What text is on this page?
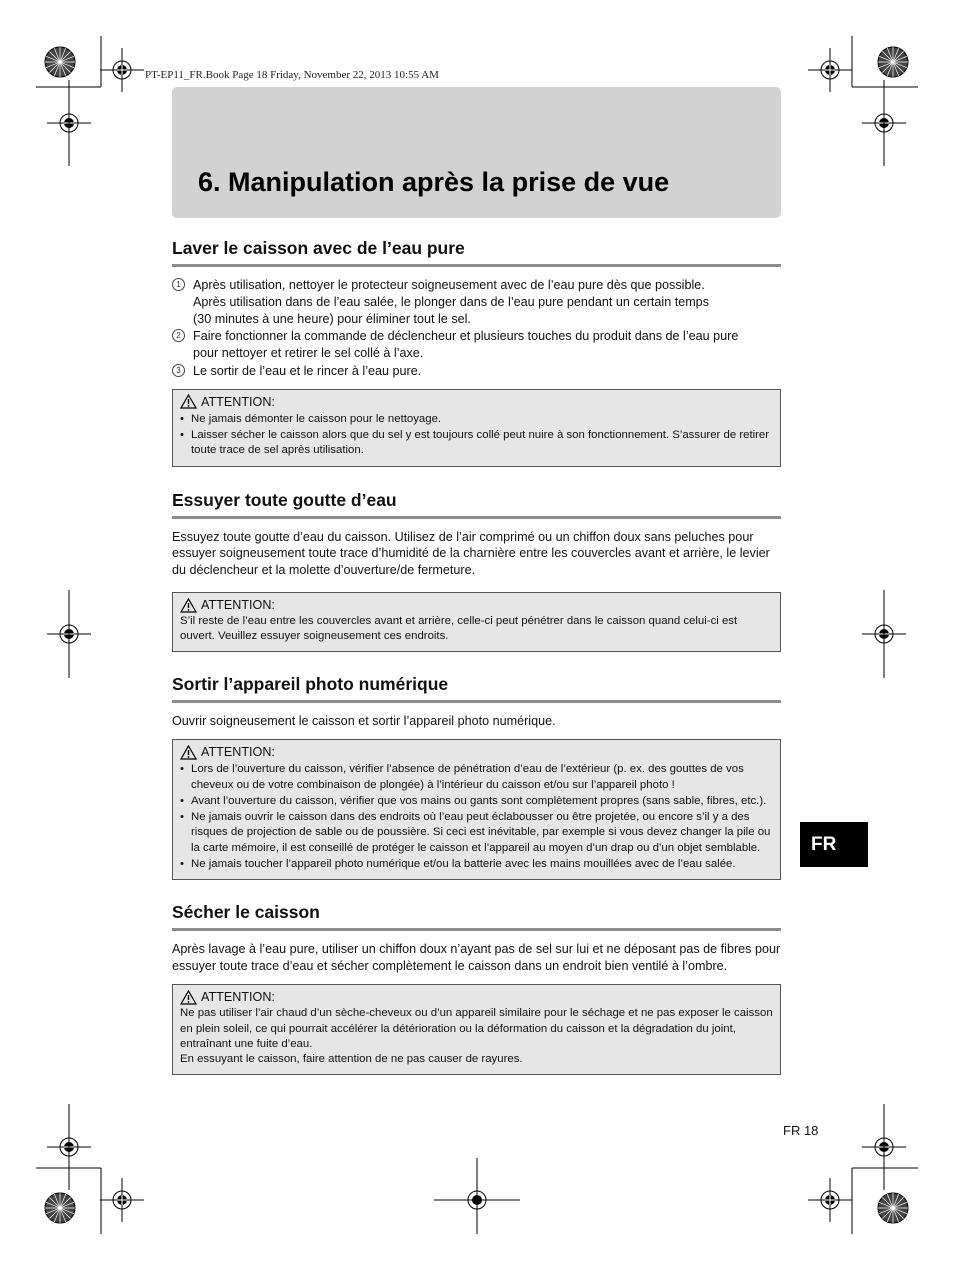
PT-EP11_FR.Book Page 18 Friday, November 22, 2013 10:55 AM
6. Manipulation après la prise de vue
Laver le caisson avec de l’eau pure
1 Après utilisation, nettoyer le protecteur soigneusement avec de l’eau pure dès que possible.
Après utilisation dans de l’eau salée, le plonger dans de l’eau pure pendant un certain temps
(30 minutes à une heure) pour éliminer tout le sel.
2 Faire fonctionner la commande de déclencheur et plusieurs touches du produit dans de l’eau pure
pour nettoyer et retirer le sel collé à l’axe.
3 Le sortir de l’eau et le rincer à l’eau pure.
ATTENTION:
• Ne jamais démonter le caisson pour le nettoyage.
• Laisser sécher le caisson alors que du sel y est toujours collé peut nuire à son fonctionnement. S’assurer de retirer toute trace de sel après utilisation.
Essuyer toute goutte d’eau

Essuyez toute goutte d’eau du caisson. Utilisez de l’air comprimé ou un chiffon doux sans peluches pour essuyer soigneusement toute trace d’humidité de la charnière entre les couvercles avant et arrière, le levier du déclencheur et la molette d’ouverture/de fermeture.

ATTENTION:

S’il reste de l’eau entre les couvercles avant et arrière, celle-ci peut pénétrer dans le caisson quand celui-ci est ouvert. Veuillez essuyer soigneusement ces endroits.

Sortir l’appareil photo numérique

Ouvrir soigneusement le caisson et sortir l’appareil photo numérique.

ATTENTION:
• Lors de l’ouverture du caisson, vérifier l’absence de pénétration d’eau de l’extérieur (p. ex. des gouttes de vos cheveux ou de votre combinaison de plongée) à l’intérieur du caisson et/ou sur l’appareil photo !
• Avant l’ouverture du caisson, vérifier que vos mains ou gants sont complètement propres (sans sable, fibres, etc.).
• Ne jamais ouvrir le caisson dans des endroits où l’eau peut éclabousser ou être projetée, ou encore s’il y a des risques de projection de sable ou de poussière. Si ceci est inévitable, par exemple si vous devez changer la pile ou la carte mémoire, il est conseillé de protéger le caisson et l’appareil au moyen d’un drap ou d’un objet semblable.
• Ne jamais toucher l’appareil photo numérique et/ou la batterie avec les mains mouillées avec de l’eau salée.
Sécher le caisson

Après lavage à l’eau pure, utiliser un chiffon doux n’ayant pas de sel sur lui et ne déposant pas de fibres pour essuyer toute trace d’eau et sécher complètement le caisson dans un endroit bien ventilé à l’ombre.

ATTENTION:

Ne pas utiliser l’air chaud d’un sèche-cheveux ou d’un appareil similaire pour le séchage et ne pas exposer le caisson en plein soleil, ce qui pourrait accélérer la détérioration ou la déformation du caisson et la dégradation du joint, entraînant une fuite d’eau.

En essuyant le caisson, faire attention de ne pas causer de rayures.

FR
FR 18
